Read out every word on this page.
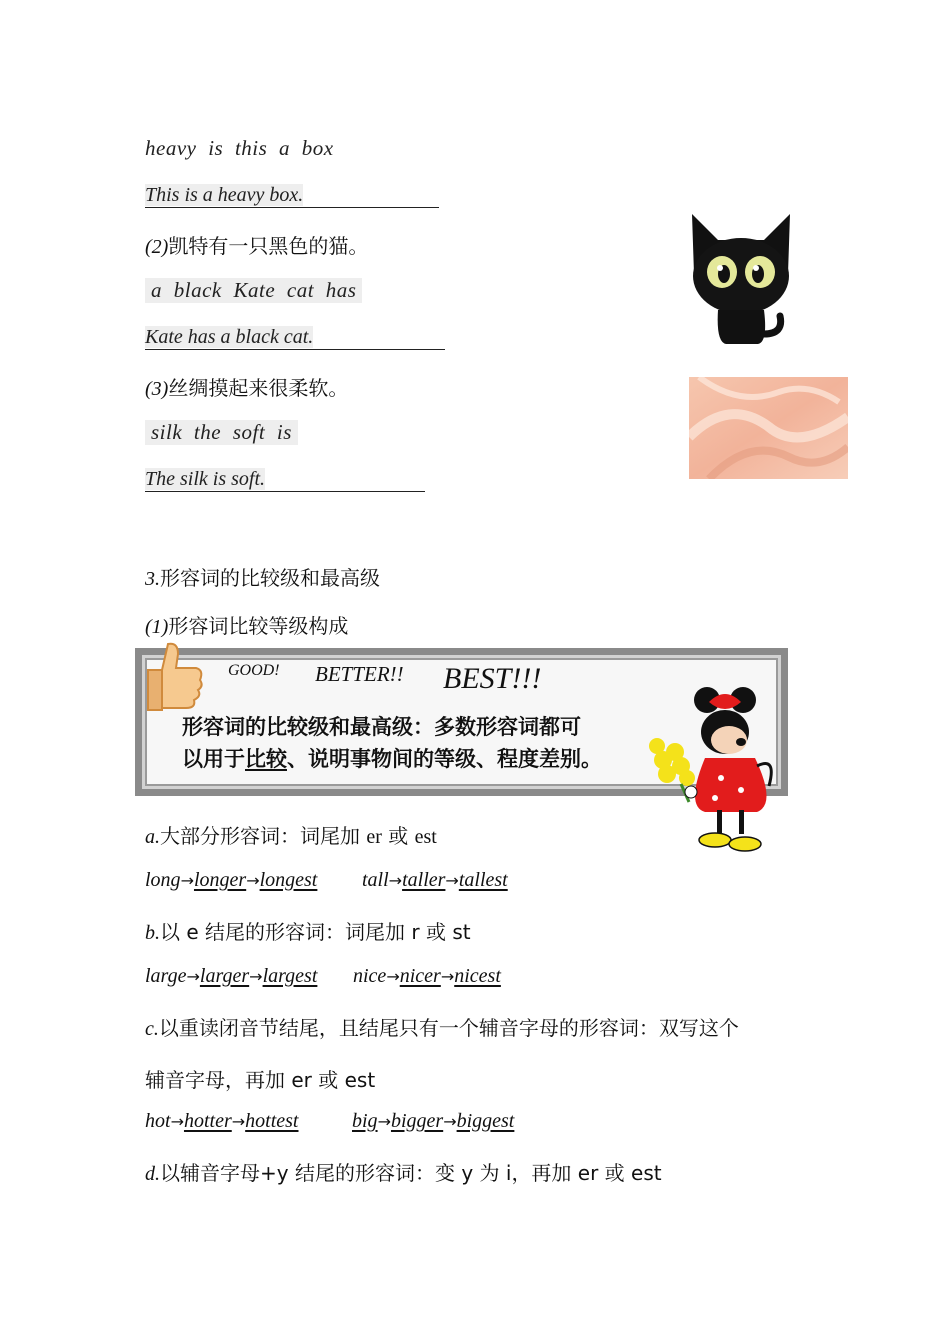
heavy is this a box
This is a heavy box.
(2)凯特有一只黑色的猫。
a black Kate cat has
Kate has a black cat.
(3)丝绸摸起来很柔软。
silk the soft is
The silk is soft.
3.形容词的比较级和最高级
(1)形容词比较等级构成
GOOD! BETTER!! BEST!!!
形容词的比较级和最高级：多数形容词都可
以用于比较、说明事物间的等级、程度差别。
a.大部分形容词：词尾加 er 或 est
long→longer→longest tall→taller→tallest
b.以 e 结尾的形容词：词尾加 r 或 st
large→larger→largest nice→nicer→nicest
c.以重读闭音节结尾，且结尾只有一个辅音字母的形容词：双写这个
辅音字母，再加 er 或 est
hot→hotter→hottest	big→bigger→biggest
d.以辅音字母+y 结尾的形容词：变 y 为 i，再加 er 或 est
